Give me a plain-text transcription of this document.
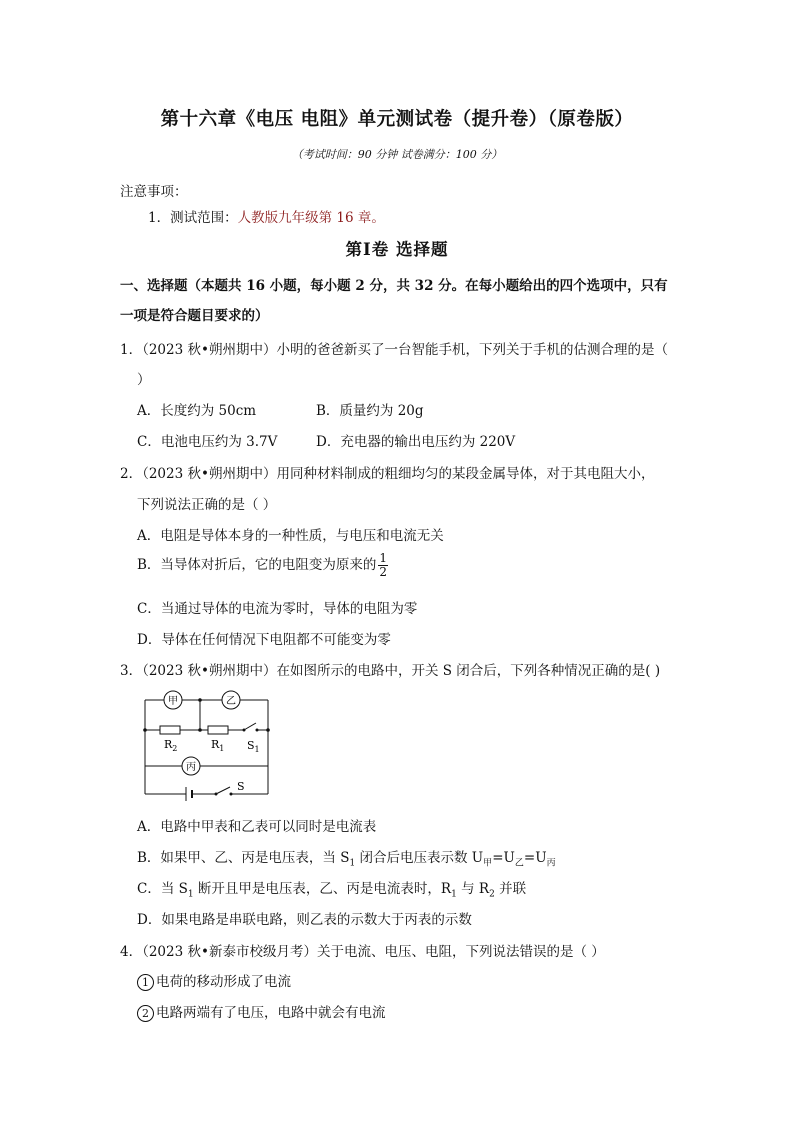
第十六章《电压 电阻》单元测试卷（提升卷）（原卷版）
（考试时间：90 分钟 试卷满分：100 分）
注意事项：
1．测试范围：人教版九年级第 16 章。
第Ⅰ卷 选择题
一、选择题（本题共 16 小题，每小题 2 分，共 32 分。在每小题给出的四个选项中，只有
一项是符合题目要求的）
1．（2023 秋•朔州期中）小明的爸爸新买了一台智能手机，下列关于手机的估测合理的是（
）
A．长度约为 50cm	B．质量约为 20g
C．电池电压约为 3.7V	D．充电器的输出电压约为 220V
2．（2023 秋•朔州期中）用同种材料制成的粗细均匀的某段金属导体，对于其电阻大小，
下列说法正确的是（ ）
A．电阻是导体本身的一种性质，与电压和电流无关
B．当导体对折后，它的电阻变为原来的 $\frac{1}{2}$
C．当通过导体的电流为零时，导体的电阻为零
D．导体在任何情况下电阻都不可能变为零
3．（2023 秋•朔州期中）在如图所示的电路中，开关 S 闭合后，下列各种情况正确的是( )
甲	乙
丙
$R_2$	$R_1$ $S_1$
S
A．电路中甲表和乙表可以同时是电流表
B．如果甲、乙、丙是电压表，当 $S_1$ 闭合后电压表示数 $U_甲=U_乙=U_丙$
C．当 $S_1$ 断开且甲是电压表，乙、丙是电流表时，$R_1$ 与 $R_2$ 并联
D．如果电路是串联电路，则乙表的示数大于丙表的示数
4．（2023 秋•新泰市校级月考）关于电流、电压、电阻，下列说法错误的是（ ）
1 电荷的移动形成了电流
2 电路两端有了电压，电路中就会有电流
